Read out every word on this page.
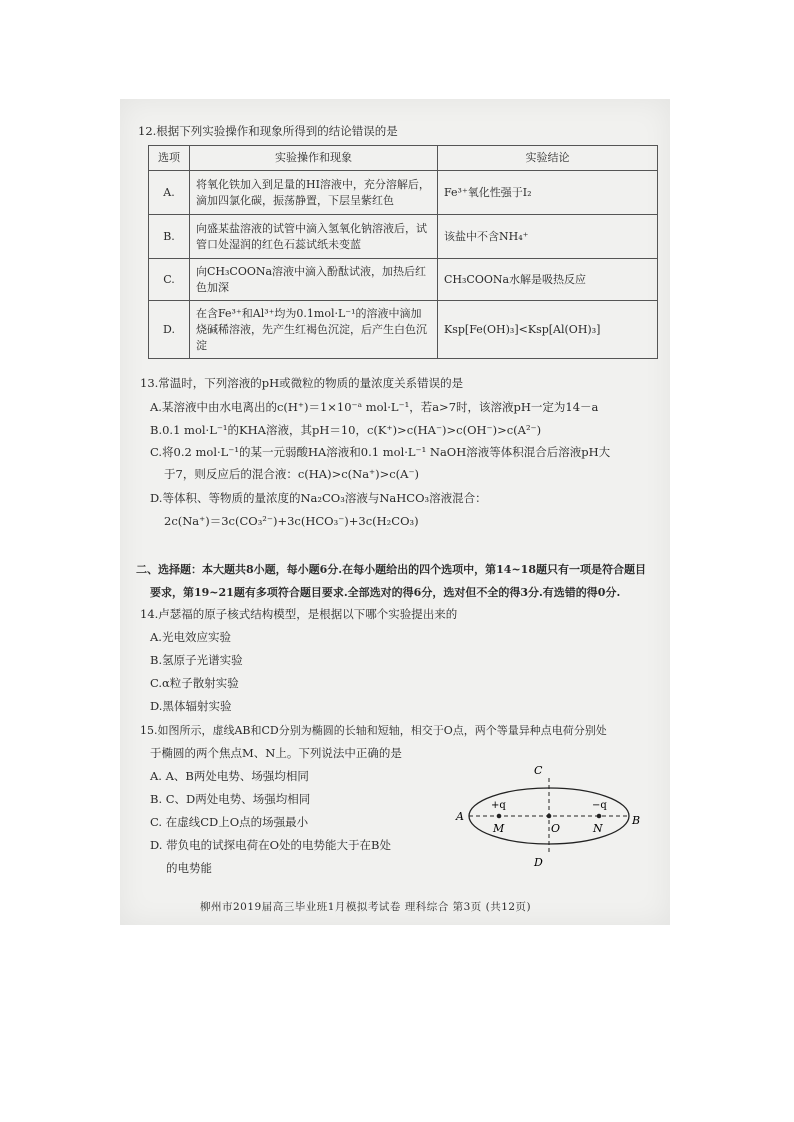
12.根据下列实验操作和现象所得到的结论错误的是
选项	实验操作和现象	实验结论
A.	将氧化铁加入到足量的HI溶液中，充分溶解后，滴加四氯化碳，振荡静置，下层呈紫红色	Fe³⁺氧化性强于I₂
B.	向盛某盐溶液的试管中滴入氢氧化钠溶液后，试管口处湿润的红色石蕊试纸未变蓝	该盐中不含NH₄⁺
C.	向CH₃COONa溶液中滴入酚酞试液，加热后红色加深	CH₃COONa水解是吸热反应
D.	在含Fe³⁺和Al³⁺均为0.1mol·L⁻¹的溶液中滴加烧碱稀溶液，先产生红褐色沉淀，后产生白色沉淀	Ksp[Fe(OH)₃]<Ksp[Al(OH)₃]
13.常温时，下列溶液的pH或微粒的物质的量浓度关系错误的是
A.某溶液中由水电离出的c(H⁺)＝1×10⁻ᵃ mol·L⁻¹，若a>7时，该溶液pH一定为14－a
B.0.1 mol·L⁻¹的KHA溶液，其pH＝10，c(K⁺)>c(HA⁻)>c(OH⁻)>c(A²⁻)
C.将0.2 mol·L⁻¹的某一元弱酸HA溶液和0.1 mol·L⁻¹ NaOH溶液等体积混合后溶液pH大
于7，则反应后的混合液：c(HA)>c(Na⁺)>c(A⁻)
D.等体积、等物质的量浓度的Na₂CO₃溶液与NaHCO₃溶液混合：
2c(Na⁺)＝3c(CO₃²⁻)+3c(HCO₃⁻)+3c(H₂CO₃)
二、选择题：本大题共8小题，每小题6分.在每小题给出的四个选项中，第14~18题只有一项是符合题目
要求，第19~21题有多项符合题目要求.全部选对的得6分，选对但不全的得3分.有选错的得0分.
14.卢瑟福的原子核式结构模型，是根据以下哪个实验提出来的
A.光电效应实验
B.氢原子光谱实验
C.α粒子散射实验
D.黑体辐射实验
15.如图所示，虚线AB和CD分别为椭圆的长轴和短轴，相交于O点，两个等量异种点电荷分别处
于椭圆的两个焦点M、N上。下列说法中正确的是
A. A、B两处电势、场强均相同
B. C、D两处电势、场强均相同
C. 在虚线CD上O点的场强最小
D. 带负电的试探电荷在O处的电势能大于在B处
的电势能
C
D
A	B
M	O	N
+q	−q
柳州市2019届高三毕业班1月模拟考试卷 理科综合 第3页 (共12页)
